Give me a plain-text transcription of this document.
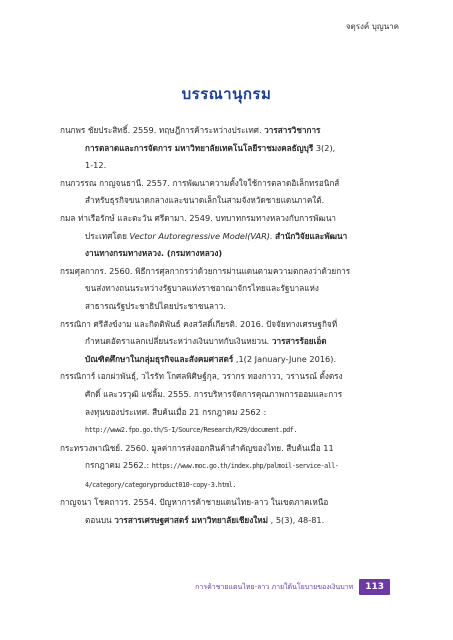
จตุรงค์ บุญนาค
บรรณานุกรม

กนกพร ชัยประสิทธิ์. 2559. ทฤษฎีการค้าระหว่างประเทศ. วารสารวิชาการ
การตลาดและการจัดการ มหาวิทยาลัยเทคโนโลยีราชมงคลธัญบุรี 3(2),
1-12.

กนกวรรณ กาญจนธานี. 2557. การพัฒนาความตั้งใจใช้การตลาดอิเล็กทรอนิกส์
สำหรับธุรกิจขนาดกลางและขนาดเล็กในสามจังหวัดชายแดนภาคใต้.

กมล ท่าเรือรักษ์ และตะวัน ศรีดามา. 2549. บทบาทกรมทางหลวงกับการพัฒนา
ประเทศโดย Vector Autoregressive Model(VAR). สำนักวิจัยและพัฒนา
งานทางกรมทางหลวง. (กรมทางหลวง)

กรมศุลกากร. 2560. พิธีการศุลกากรว่าด้วยการผ่านแดนตามความตกลงว่าด้วยการ
ขนส่งทางถนนระหว่างรัฐบาลแห่งราชอาณาจักรไทยและรัฐบาลแห่ง
สาธารณรัฐประชาธิปไตยประชาชนลาว.

กรรณิกา ศรีสังข์งาม และกิตติพันธ์ คงสวัสดิ์เกียรติ. 2016. ปัจจัยทางเศรษฐกิจที่
กำหนดอัตราแลกเปลี่ยนระหว่างเงินบาทกับเงินหยวน. วารสารร้อยเอ็ด
บัณฑิตศึกษาในกลุ่มธุรกิจและสังคมศาสตร์ ,1(2 January-June 2016).

กรรณิการ์ เอกผ่าพันธุ์, วไรรัท โกศลพิศิษฐ์กุล, วรากร ทองกาวว, วรานรณ์ ตั้งตรง
ศักดิ์ และวรวุฒิ แซ่ลิ้ม. 2555. การบริหารจัดการคุณภาพการออมและการ
ลงทุนของประเทศ. สืบค้นเมื่อ 21 กรกฎาคม 2562 :
http://www2.fpo.go.th/S-I/Source/Research/R29/document.pdf.

กระทรวงพาณิชย์. 2560. มูลค่าการส่งออกสินค้าสำคัญของไทย. สืบค้นเมื่อ 11
กรกฎาคม 2562.: https://www.moc.go.th/index.php/palmoil-service-all-
4/category/categoryproduct010-copy-3.html.

กาญจนา โชคถาวร. 2554. ปัญหาการค้าชายแดนไทย-ลาว ในเขตภาคเหนือ
ตอนบน วารสารเศรษฐศาสตร์ มหาวิทยาลัยเชียงใหม่ , 5(3), 48-81.

การค้าชายแดนไทย-ลาว ภายใต้นโยบายของเงินบาท	113
